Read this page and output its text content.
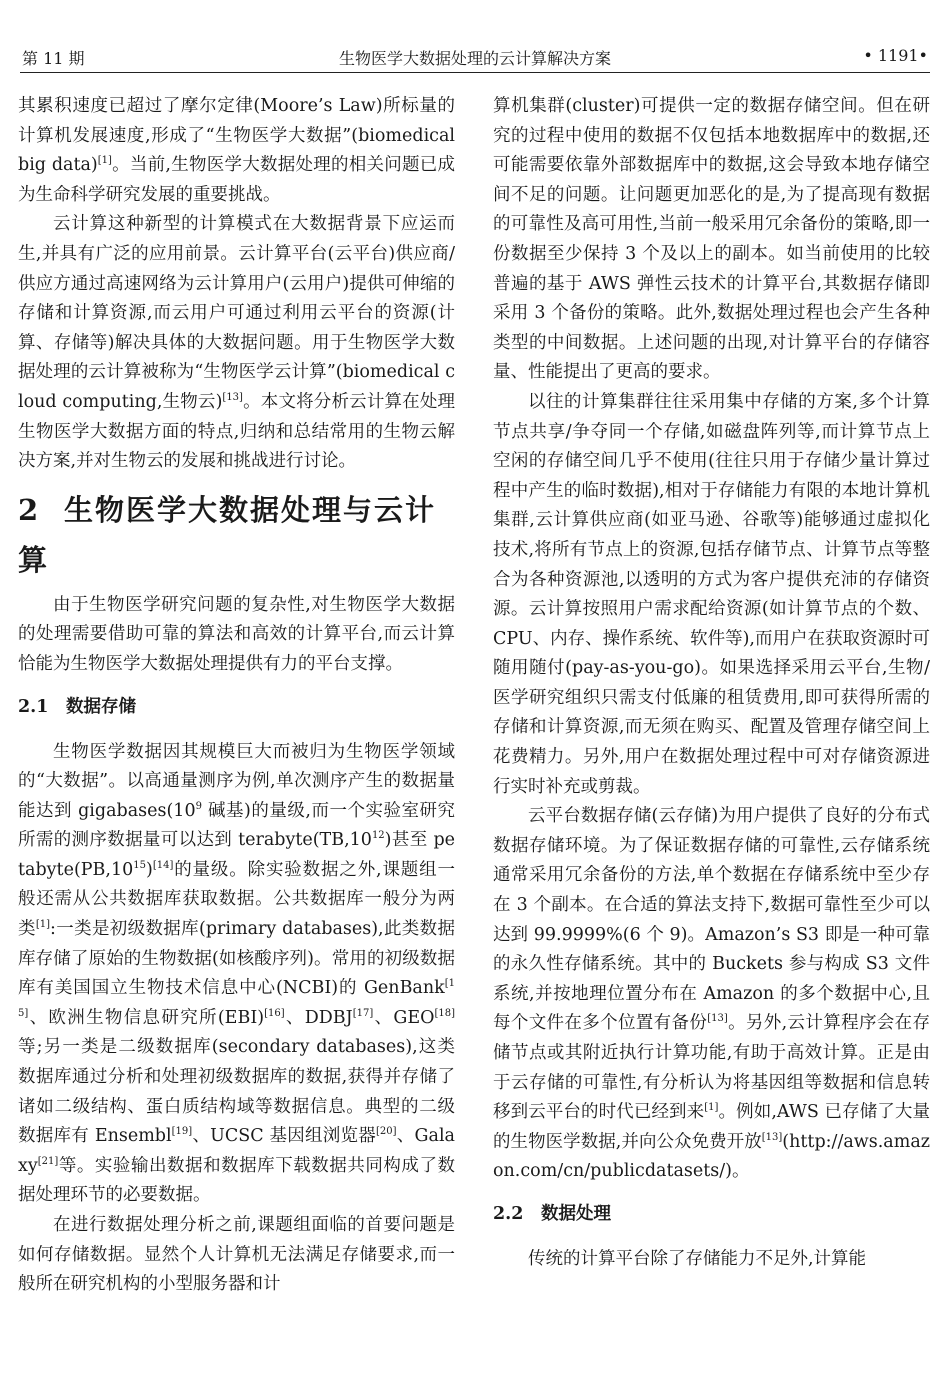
第 11 期	生物医学大数据处理的云计算解决方案	• 1191•

其累积速度已超过了摩尔定律(Moore’s Law)所标量的计算机发展速度,形成了“生物医学大数据”(biomedical big data)[1]。当前,生物医学大数据处理的相关问题已成为生命科学研究发展的重要挑战。

云计算这种新型的计算模式在大数据背景下应运而生,并具有广泛的应用前景。云计算平台(云平台)供应商/供应方通过高速网络为云计算用户(云用户)提供可伸缩的存储和计算资源,而云用户可通过利用云平台的资源(计算、存储等)解决具体的大数据问题。用于生物医学大数据处理的云计算被称为“生物医学云计算”(biomedical cloud computing,生物云)[13]。本文将分析云计算在处理生物医学大数据方面的特点,归纳和总结常用的生物云解决方案,并对生物云的发展和挑战进行讨论。

2 生物医学大数据处理与云计算

由于生物医学研究问题的复杂性,对生物医学大数据的处理需要借助可靠的算法和高效的计算平台,而云计算恰能为生物医学大数据处理提供有力的平台支撑。

2.1 数据存储

生物医学数据因其规模巨大而被归为生物医学领域的“大数据”。以高通量测序为例,单次测序产生的数据量能达到 $gigabases(10^9$ 碱基)的量级,而一个实验室研究所需的测序数据量可以达到 $terabyte(TB,10^{12})$甚至 $petabyte(PB,10^{15})[14]$的量级。除实验数据之外,课题组一般还需从公共数据库获取数据。公共数据库一般分为两类[1]:一类是初级数据库(primary databases),此类数据库存储了原始的生物数据(如核酸序列)。常用的初级数据库有美国国立生物技术信息中心(NCBI)的 GenBank[15]、欧洲生物信息研究所(EBI)[16]、DDBJ[17]、GEO[18]等;另一类是二级数据库(secondary databases),这类数据库通过分析和处理初级数据库的数据,获得并存储了诸如二级结构、蛋白质结构域等数据信息。典型的二级数据库有 Ensembl[19]、UCSC 基因组浏览器[20]、Galaxy[21]等。实验输出数据和数据库下载数据共同构成了数据处理环节的必要数据。

在进行数据处理分析之前,课题组面临的首要问题是如何存储数据。显然个人计算机无法满足存储要求,而一般所在研究机构的小型服务器和计

算机集群(cluster)可提供一定的数据存储空间。但在研究的过程中使用的数据不仅包括本地数据库中的数据,还可能需要依靠外部数据库中的数据,这会导致本地存储空间不足的问题。让问题更加恶化的是,为了提高现有数据的可靠性及高可用性,当前一般采用冗余备份的策略,即一份数据至少保持 3 个及以上的副本。如当前使用的比较普遍的基于 AWS 弹性云技术的计算平台,其数据存储即采用 3 个备份的策略。此外,数据处理过程也会产生各种类型的中间数据。上述问题的出现,对计算平台的存储容量、性能提出了更高的要求。

以往的计算集群往往采用集中存储的方案,多个计算节点共享/争夺同一个存储,如磁盘阵列等,而计算节点上空闲的存储空间几乎不使用(往往只用于存储少量计算过程中产生的临时数据),相对于存储能力有限的本地计算机集群,云计算供应商(如亚马逊、谷歌等)能够通过虚拟化技术,将所有节点上的资源,包括存储节点、计算节点等整合为各种资源池,以透明的方式为客户提供充沛的存储资源。云计算按照用户需求配给资源(如计算节点的个数、CPU、内存、操作系统、软件等),而用户在获取资源时可随用随付(pay-as-you-go)。如果选择采用云平台,生物/医学研究组织只需支付低廉的租赁费用,即可获得所需的存储和计算资源,而无须在购买、配置及管理存储空间上花费精力。另外,用户在数据处理过程中可对存储资源进行实时补充或剪裁。

云平台数据存储(云存储)为用户提供了良好的分布式数据存储环境。为了保证数据存储的可靠性,云存储系统通常采用冗余备份的方法,单个数据在存储系统中至少存在 3 个副本。在合适的算法支持下,数据可靠性至少可以达到 99.9999%(6 个 9)。Amazon’s S3 即是一种可靠的永久性存储系统。其中的 Buckets 参与构成 S3 文件系统,并按地理位置分布在 Amazon 的多个数据中心,且每个文件在多个位置有备份[13]。另外,云计算程序会在存储节点或其附近执行计算功能,有助于高效计算。正是由于云存储的可靠性,有分析认为将基因组等数据和信息转移到云平台的时代已经到来[1]。例如,AWS 已存储了大量的生物医学数据,并向公众免费开放[13](http://aws.amazon.com/cn/publicdatasets/)。

2.2 数据处理

传统的计算平台除了存储能力不足外,计算能
